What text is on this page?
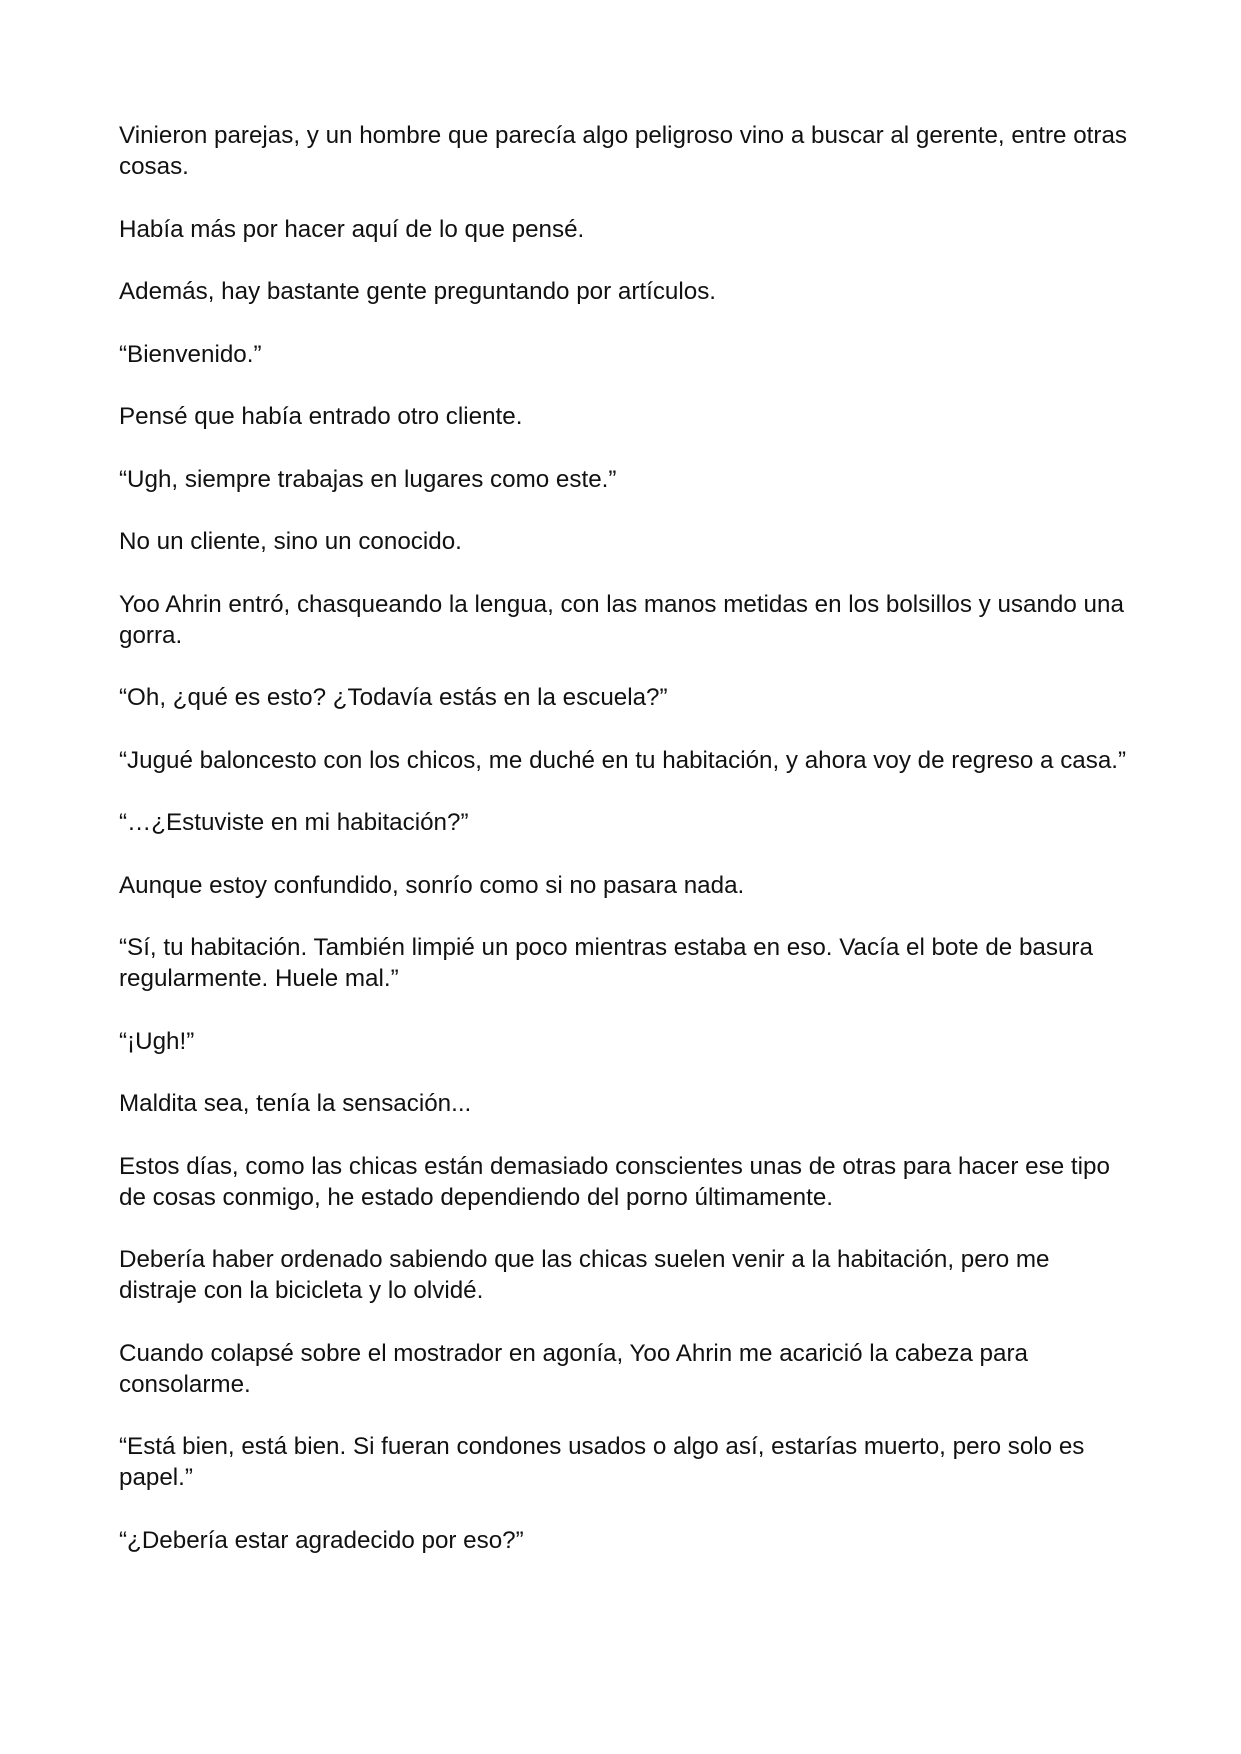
Vinieron parejas, y un hombre que parecía algo peligroso vino a buscar al gerente, entre otras cosas.

Había más por hacer aquí de lo que pensé.

Además, hay bastante gente preguntando por artículos.

“Bienvenido.”

Pensé que había entrado otro cliente.

“Ugh, siempre trabajas en lugares como este.”

No un cliente, sino un conocido.

Yoo Ahrin entró, chasqueando la lengua, con las manos metidas en los bolsillos y usando una gorra.

“Oh, ¿qué es esto? ¿Todavía estás en la escuela?”

“Jugué baloncesto con los chicos, me duché en tu habitación, y ahora voy de regreso a casa.”

“…¿Estuviste en mi habitación?”

Aunque estoy confundido, sonrío como si no pasara nada.

“Sí, tu habitación. También limpié un poco mientras estaba en eso. Vacía el bote de basura regularmente. Huele mal.”

“¡Ugh!”

Maldita sea, tenía la sensación...

Estos días, como las chicas están demasiado conscientes unas de otras para hacer ese tipo de cosas conmigo, he estado dependiendo del porno últimamente.

Debería haber ordenado sabiendo que las chicas suelen venir a la habitación, pero me distraje con la bicicleta y lo olvidé.

Cuando colapsé sobre el mostrador en agonía, Yoo Ahrin me acarició la cabeza para consolarme.

“Está bien, está bien. Si fueran condones usados o algo así, estarías muerto, pero solo es papel.”

“¿Debería estar agradecido por eso?”
